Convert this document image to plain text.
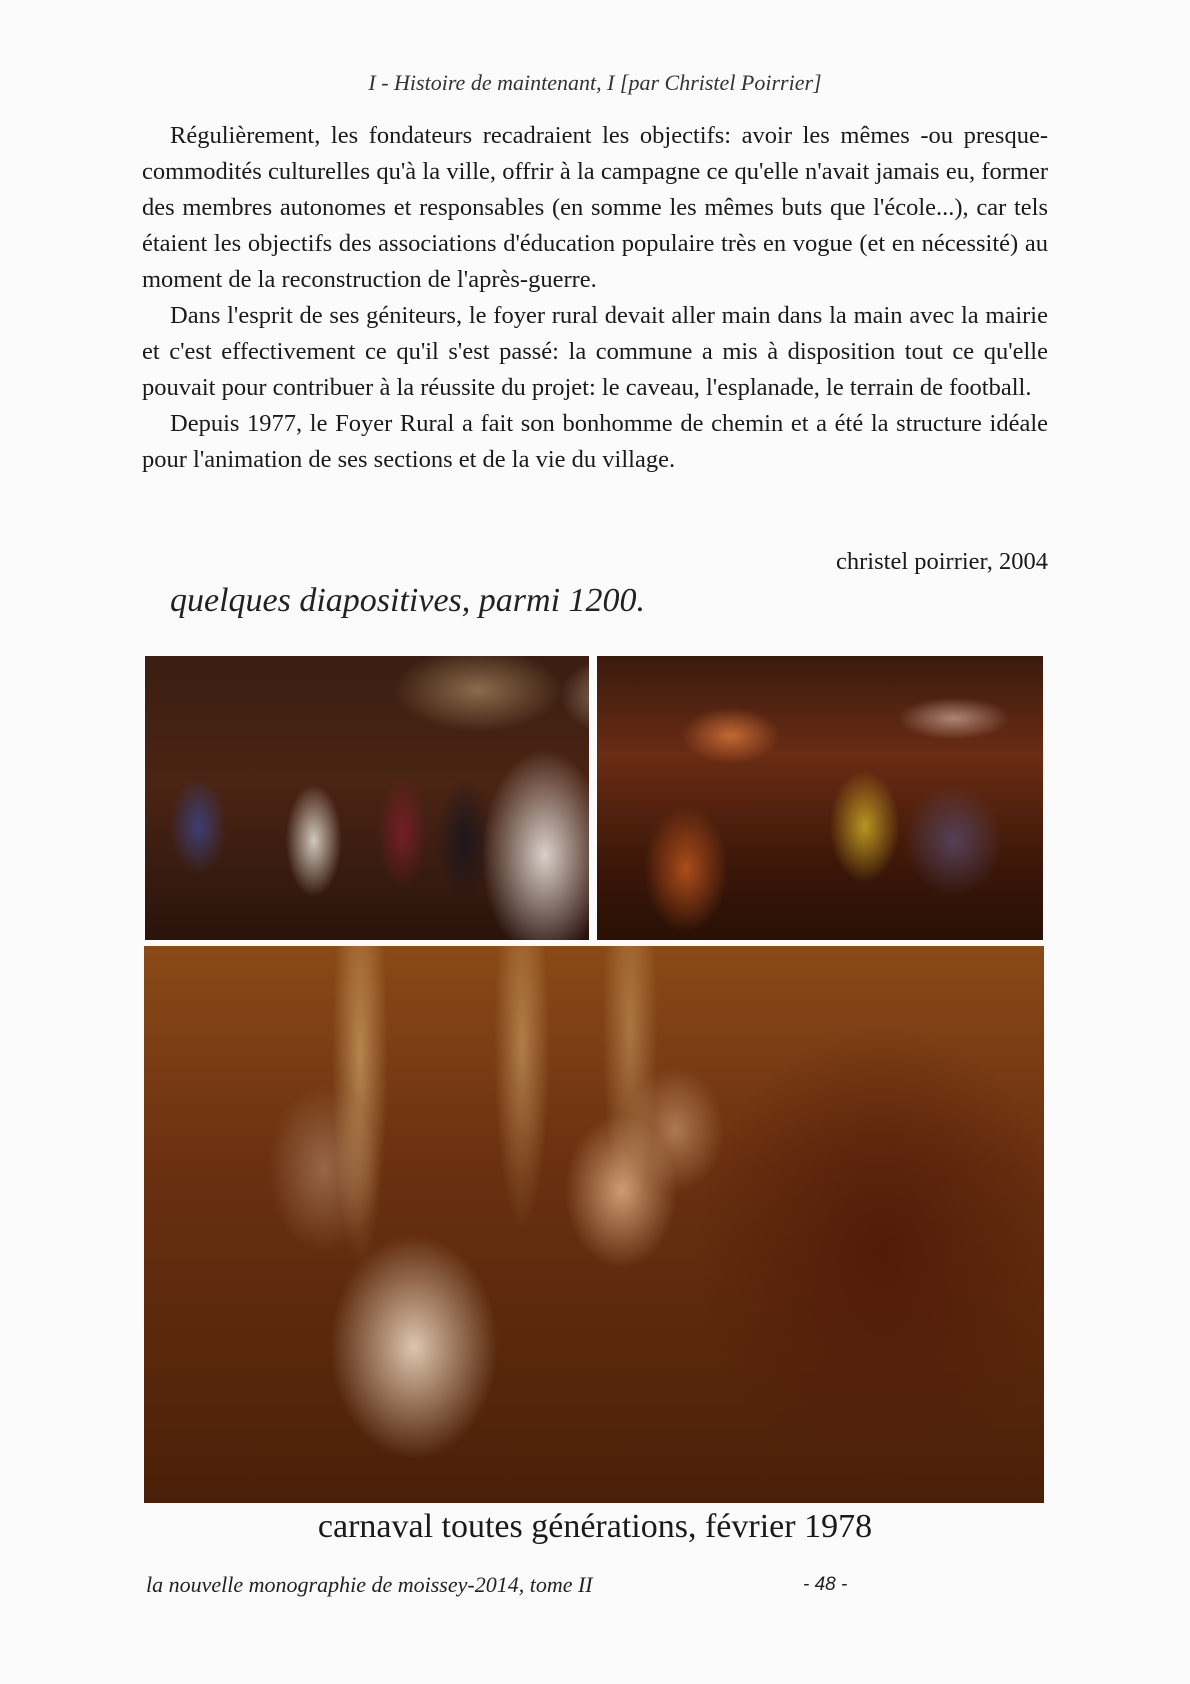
I - Histoire de maintenant, I [par Christel Poirrier]

Régulièrement, les fondateurs recadraient les objectifs: avoir les mêmes -ou presque- commodités culturelles qu'à la ville, offrir à la campagne ce qu'elle n'avait jamais eu, former des membres autonomes et responsables (en somme les mêmes buts que l'école...), car tels étaient les objectifs des associations d'éducation populaire très en vogue (et en nécessité) au moment de la reconstruction de l'après-guerre.

Dans l'esprit de ses géniteurs, le foyer rural devait aller main dans la main avec la mairie et c'est effectivement ce qu'il s'est passé: la commune a mis à disposition tout ce qu'elle pouvait pour contribuer à la réussite du projet: le caveau, l'esplanade, le terrain de football.

Depuis 1977, le Foyer Rural a fait son bonhomme de chemin et a été la structure idéale pour l'animation de ses sections et de la vie du village.

christel poirrier, 2004
quelques diapositives, parmi 1200.
carnaval toutes générations, février 1978
la nouvelle monographie de moissey-2014, tome II	- 48 -
